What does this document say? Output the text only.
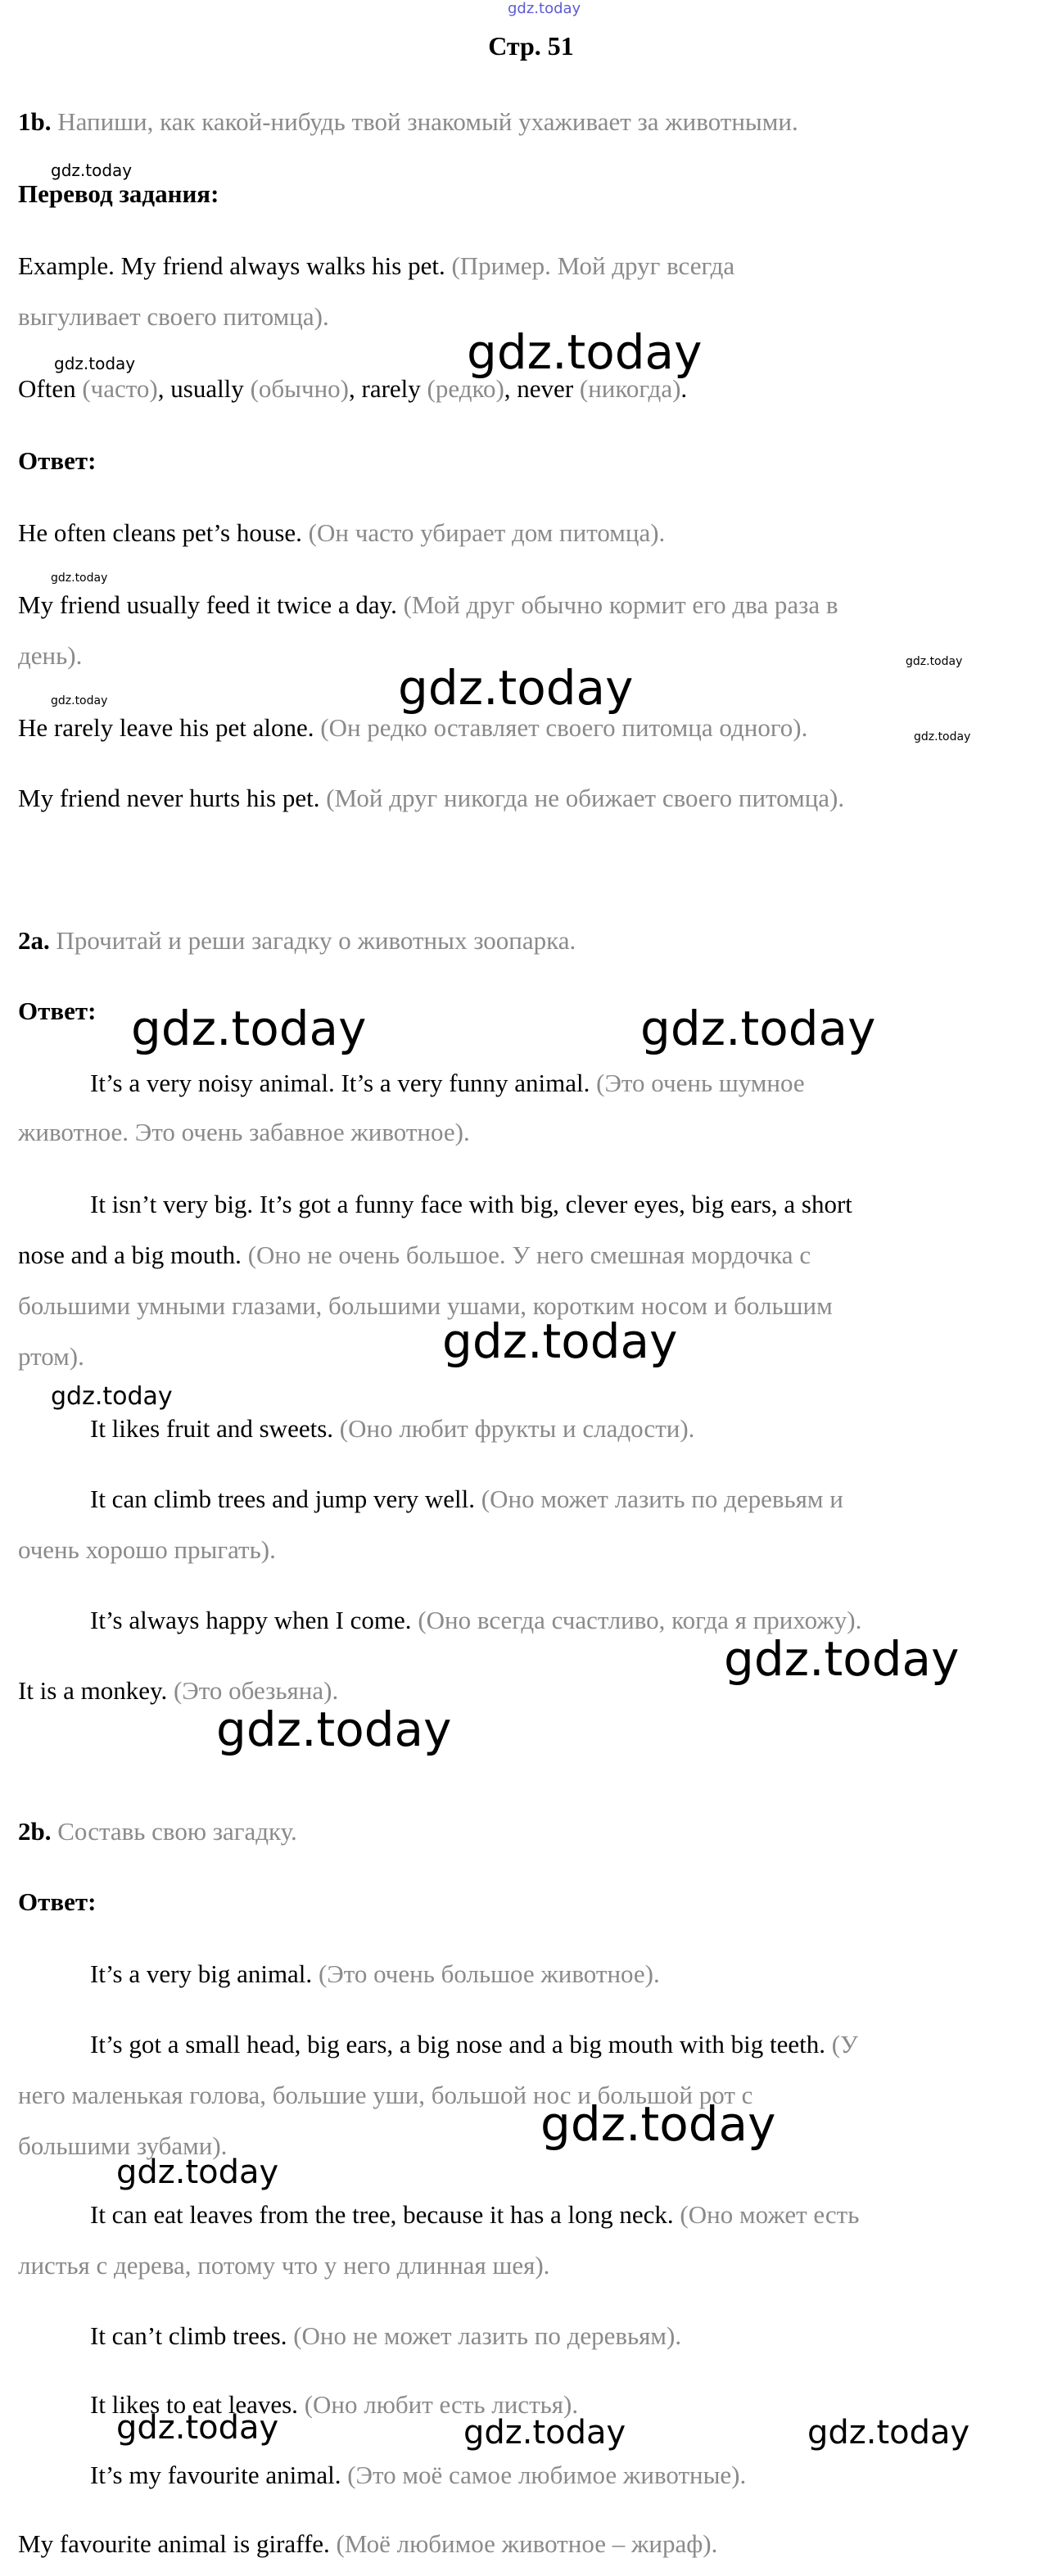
gdz.today
Стр. 51
1b. Напиши, как какой-нибудь твой знакомый ухаживает за животными.
Перевод задания:
Example. My friend always walks his pet. (Пример. Мой друг всегда
выгуливает своего питомца).
Often (часто), usually (обычно), rarely (редко), never (никогда).
Ответ:
He often cleans pet’s house. (Он часто убирает дом питомца).
My friend usually feed it twice a day. (Мой друг обычно кормит его два раза в
день).
He rarely leave his pet alone. (Он редко оставляет своего питомца одного).
My friend never hurts his pet. (Мой друг никогда не обижает своего питомца).
2a. Прочитай и реши загадку о животных зоопарка.
Ответ:
It’s a very noisy animal. It’s a very funny animal. (Это очень шумное
животное. Это очень забавное животное).
It isn’t very big. It’s got a funny face with big, clever eyes, big ears, a short
nose and a big mouth. (Оно не очень большое. У него смешная мордочка с
большими умными глазами, большими ушами, коротким носом и большим
ртом).
It likes fruit and sweets. (Оно любит фрукты и сладости).
It can climb trees and jump very well. (Оно может лазить по деревьям и
очень хорошо прыгать).
It’s always happy when I come. (Оно всегда счастливо, когда я прихожу).
It is a monkey. (Это обезьяна).
2b. Составь свою загадку.
Ответ:
It’s a very big animal. (Это очень большое животное).
It’s got a small head, big ears, a big nose and a big mouth with big teeth. (У
него маленькая голова, большие уши, большой нос и большой рот с
большими зубами).
It can eat leaves from the tree, because it has a long neck. (Оно может есть
листья с дерева, потому что у него длинная шея).
It can’t climb trees. (Оно не может лазить по деревьям).
It likes to eat leaves. (Оно любит есть листья).
It’s my favourite animal. (Это моё самое любимое животные).
My favourite animal is giraffe. (Моё любимое животное – жираф).
gdz.today
gdz.today	gdz.today
gdz.today
gdz.today	gdz.today	gdz.today
gdz.today
gdz.today	gdz.today
gdz.today
gdz.today
gdz.today
gdz.today
gdz.today
gdz.today
gdz.today	gdz.today	gdz.today
